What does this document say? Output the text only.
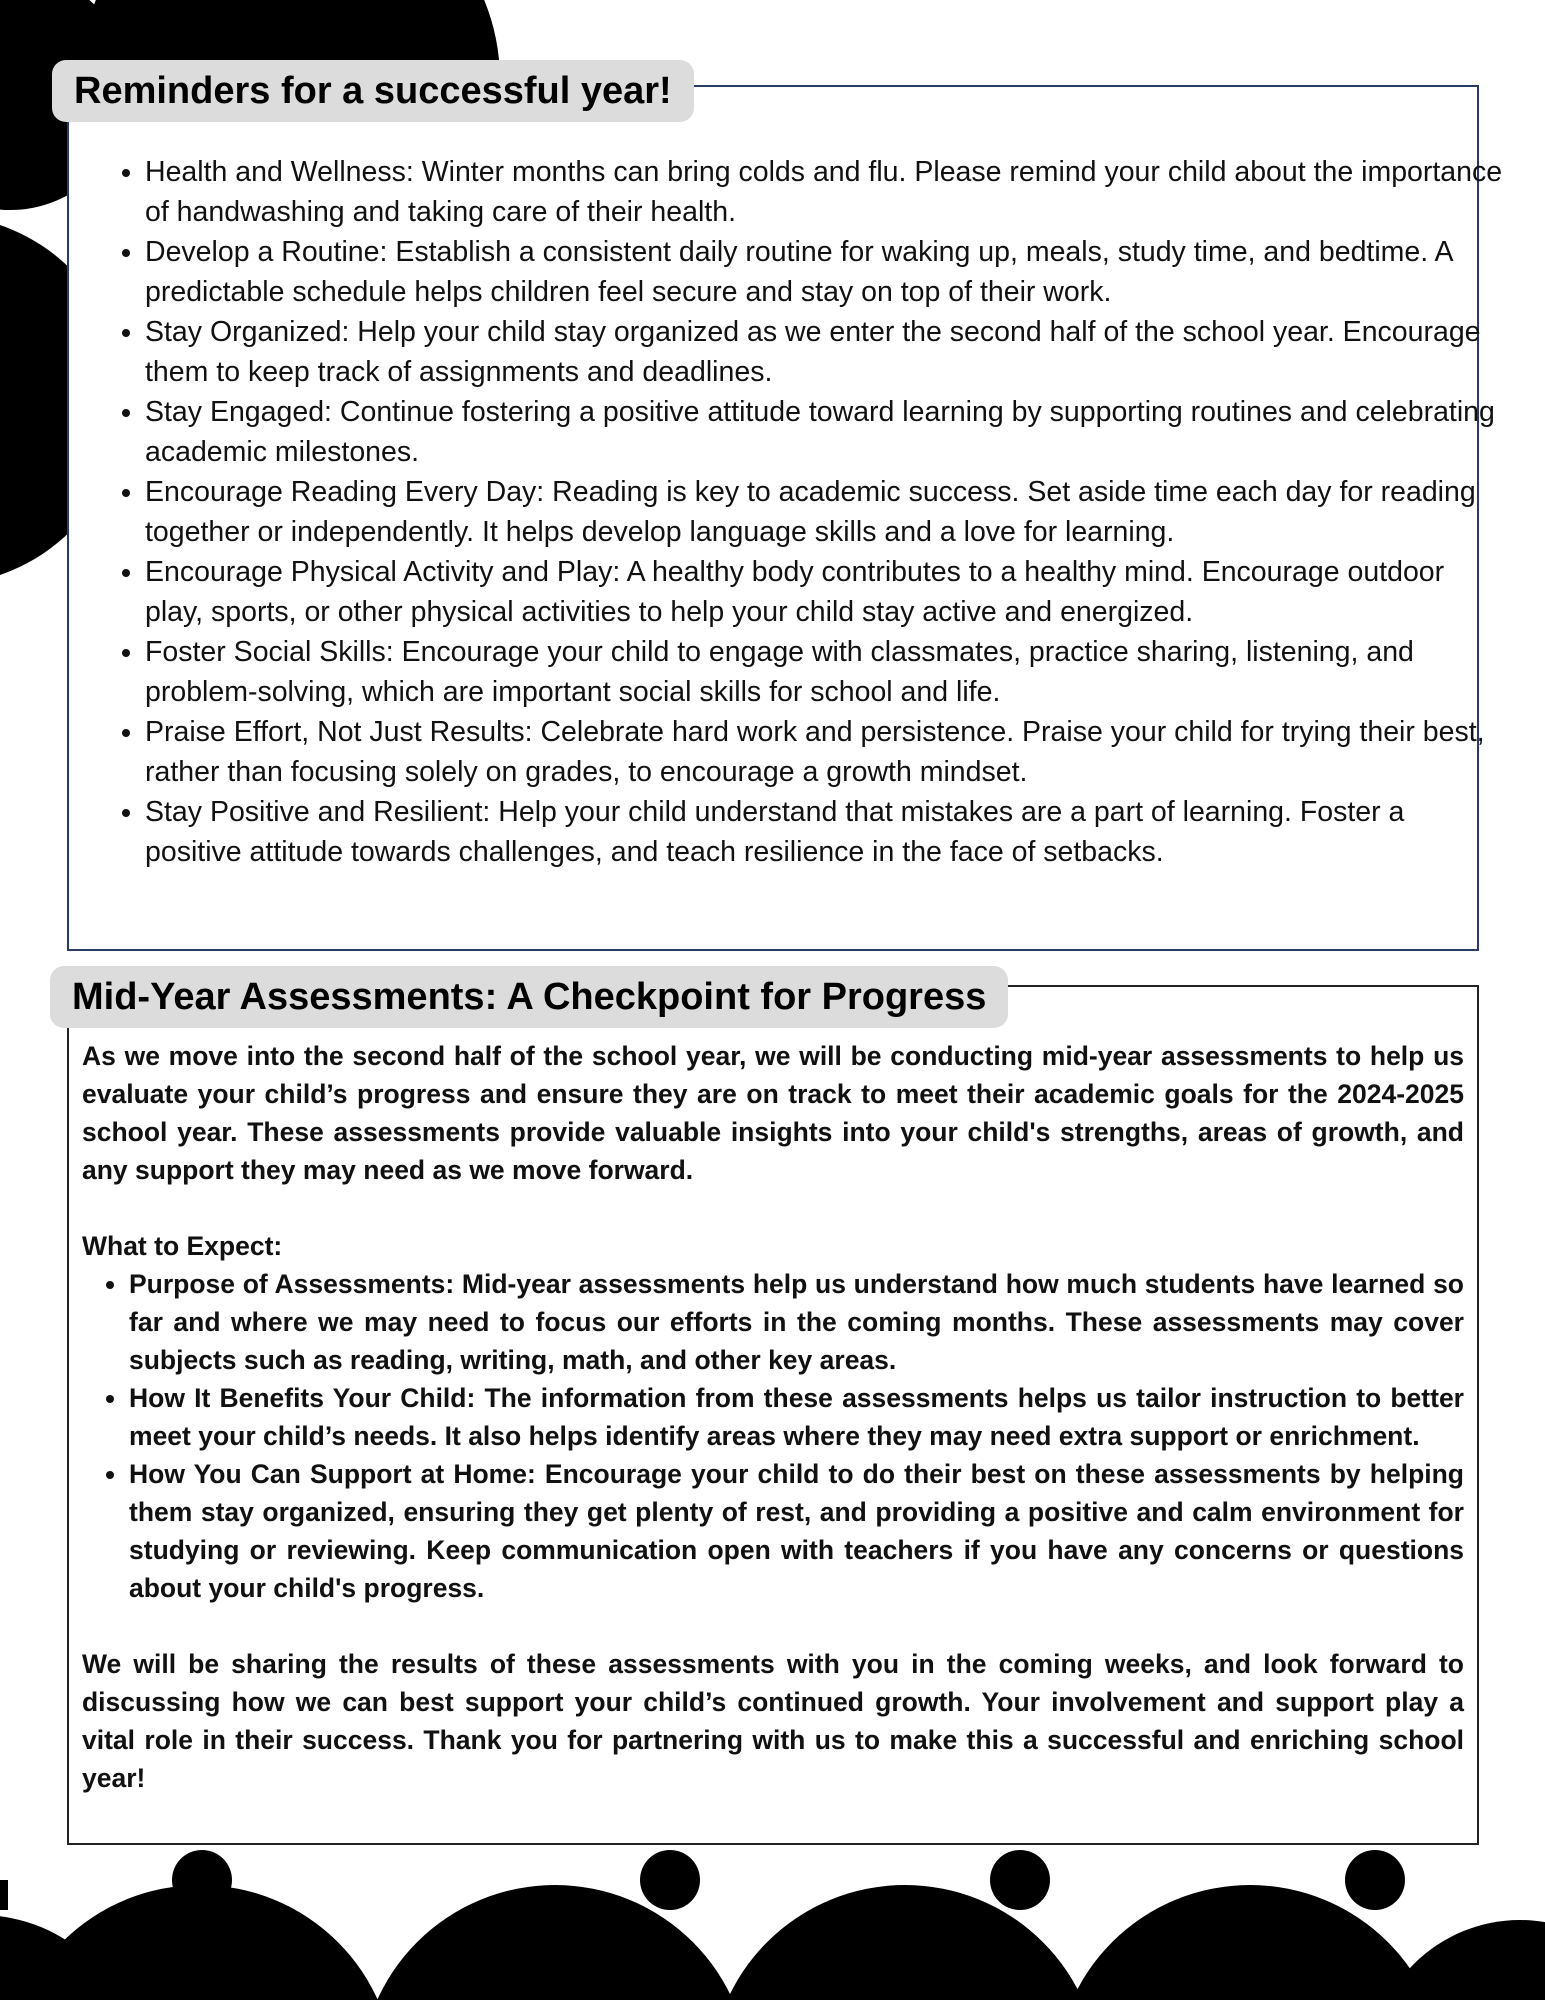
Reminders for a successful year!
• Health and Wellness: Winter months can bring colds and flu. Please remind your child about the importance of handwashing and taking care of their health.
• Develop a Routine: Establish a consistent daily routine for waking up, meals, study time, and bedtime. A predictable schedule helps children feel secure and stay on top of their work.
• Stay Organized: Help your child stay organized as we enter the second half of the school year. Encourage them to keep track of assignments and deadlines.
• Stay Engaged: Continue fostering a positive attitude toward learning by supporting routines and celebrating academic milestones.
• Encourage Reading Every Day: Reading is key to academic success. Set aside time each day for reading together or independently. It helps develop language skills and a love for learning.
• Encourage Physical Activity and Play: A healthy body contributes to a healthy mind. Encourage outdoor play, sports, or other physical activities to help your child stay active and energized.
• Foster Social Skills: Encourage your child to engage with classmates, practice sharing, listening, and problem-solving, which are important social skills for school and life.
• Praise Effort, Not Just Results: Celebrate hard work and persistence. Praise your child for trying their best, rather than focusing solely on grades, to encourage a growth mindset.
• Stay Positive and Resilient: Help your child understand that mistakes are a part of learning. Foster a positive attitude towards challenges, and teach resilience in the face of setbacks.
Mid-Year Assessments: A Checkpoint for Progress

As we move into the second half of the school year, we will be conducting mid-year assessments to help us evaluate your child’s progress and ensure they are on track to meet their academic goals for the 2024-2025 school year. These assessments provide valuable insights into your child's strengths, areas of growth, and any support they may need as we move forward.

What to Expect:

• Purpose of Assessments: Mid-year assessments help us understand how much students have learned so far and where we may need to focus our efforts in the coming months. These assessments may cover subjects such as reading, writing, math, and other key areas.
• How It Benefits Your Child: The information from these assessments helps us tailor instruction to better meet your child’s needs. It also helps identify areas where they may need extra support or enrichment.
• How You Can Support at Home: Encourage your child to do their best on these assessments by helping them stay organized, ensuring they get plenty of rest, and providing a positive and calm environment for studying or reviewing. Keep communication open with teachers if you have any concerns or questions about your child's progress.

We will be sharing the results of these assessments with you in the coming weeks, and look forward to discussing how we can best support your child’s continued growth. Your involvement and support play a vital role in their success. Thank you for partnering with us to make this a successful and enriching school year!
